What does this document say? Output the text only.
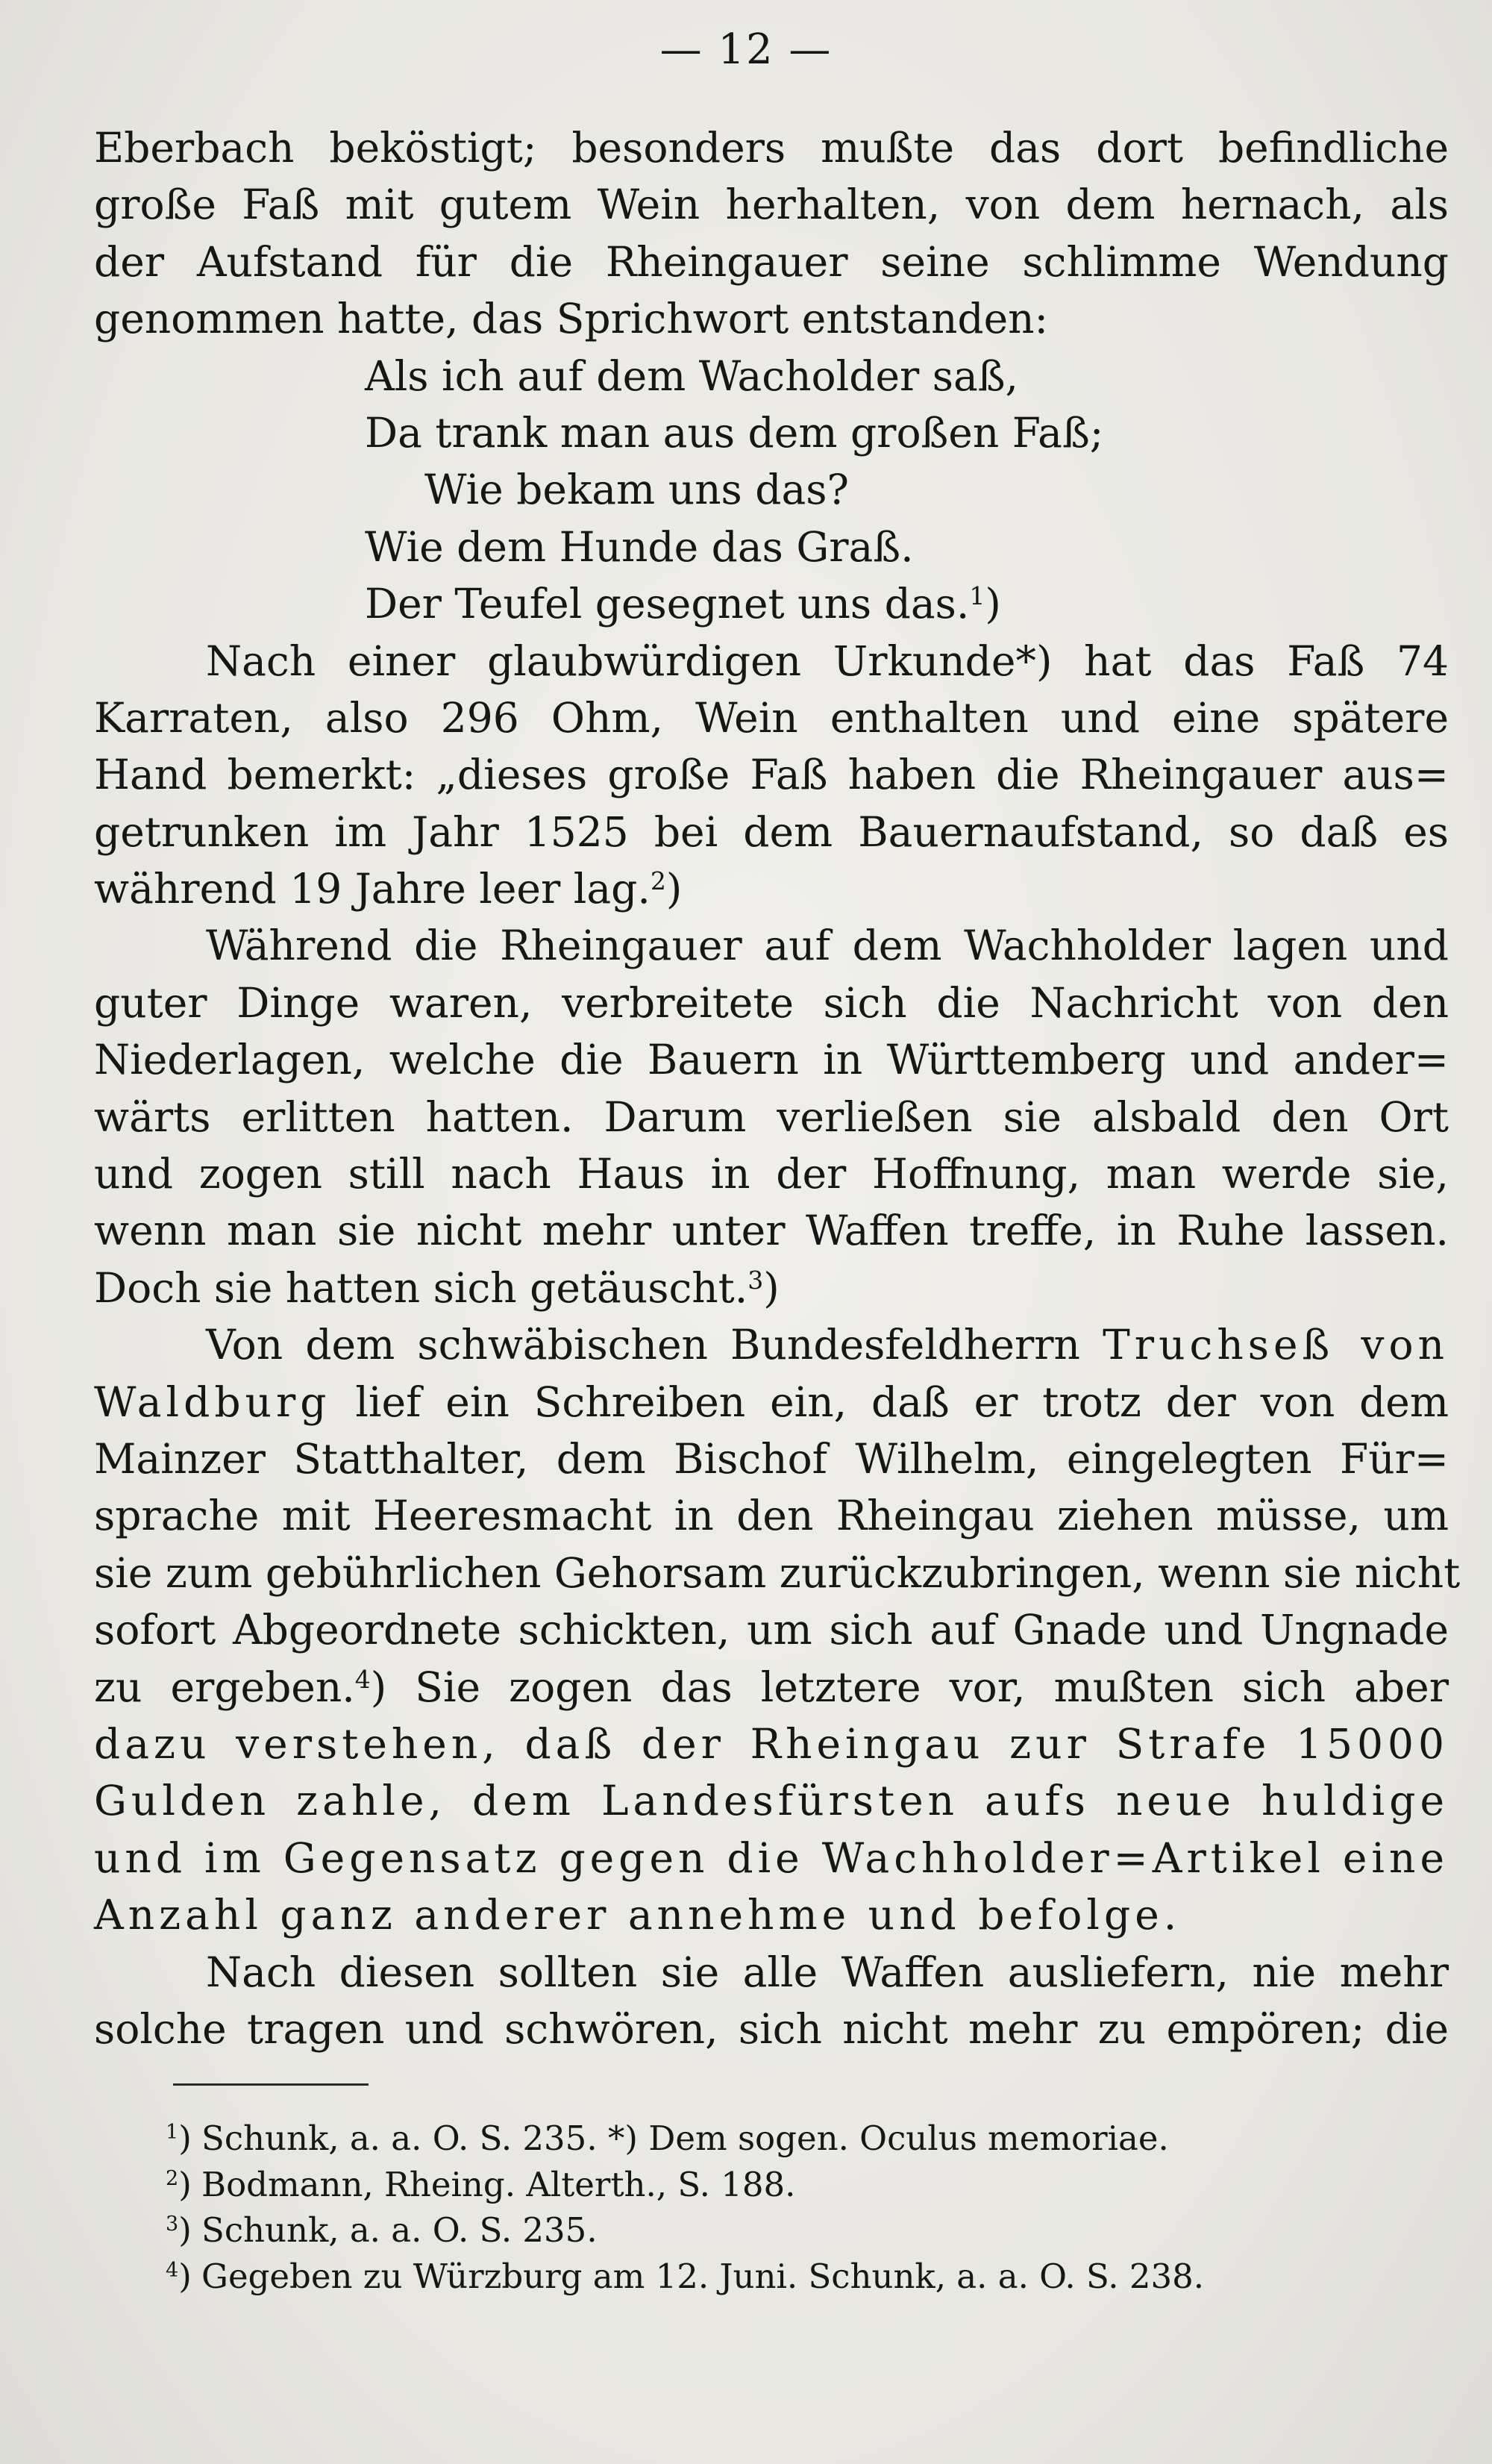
— 12 —
Eberbach beköstigt; besonders mußte das dort befindliche
große Faß mit gutem Wein herhalten, von dem hernach, als
der Aufstand für die Rheingauer seine schlimme Wendung
genommen hatte, das Sprichwort entstanden:
Als ich auf dem Wacholder saß,
Da trank man aus dem großen Faß;
Wie bekam uns das?
Wie dem Hunde das Graß.
Der Teufel gesegnet uns das.$^1$)
Nach einer glaubwürdigen Urkunde*) hat das Faß 74
Karraten, also 296 Ohm, Wein enthalten und eine spätere
Hand bemerkt: „dieses große Faß haben die Rheingauer aus=
getrunken im Jahr 1525 bei dem Bauernaufstand, so daß es
während 19 Jahre leer lag.$^2$)
Während die Rheingauer auf dem Wachholder lagen und
guter Dinge waren, verbreitete sich die Nachricht von den
Niederlagen, welche die Bauern in Württemberg und ander=
wärts erlitten hatten. Darum verließen sie alsbald den Ort
und zogen still nach Haus in der Hoffnung, man werde sie,
wenn man sie nicht mehr unter Waffen treffe, in Ruhe lassen.
Doch sie hatten sich getäuscht.$^3$)
Von dem schwäbischen Bundesfeldherrn Truchseß von
Waldburg lief ein Schreiben ein, daß er trotz der von dem
Mainzer Statthalter, dem Bischof Wilhelm, eingelegten Für=
sprache mit Heeresmacht in den Rheingau ziehen müsse, um
sie zum gebührlichen Gehorsam zurückzubringen, wenn sie nicht
sofort Abgeordnete schickten, um sich auf Gnade und Ungnade
zu ergeben.$^4$) Sie zogen das letztere vor, mußten sich aber
dazu verstehen, daß der Rheingau zur Strafe 15000
Gulden zahle, dem Landesfürsten aufs neue huldige
und im Gegensatz gegen die Wachholder=Artikel eine
Anzahl ganz anderer annehme und befolge.
Nach diesen sollten sie alle Waffen ausliefern, nie mehr
solche tragen und schwören, sich nicht mehr zu empören; die
$^1$) Schunk, a. a. O. S. 235. *) Dem sogen. Oculus memoriae.
$^2$) Bodmann, Rheing. Alterth., S. 188.
$^3$) Schunk, a. a. O. S. 235.
$^4$) Gegeben zu Würzburg am 12. Juni. Schunk, a. a. O. S. 238.
